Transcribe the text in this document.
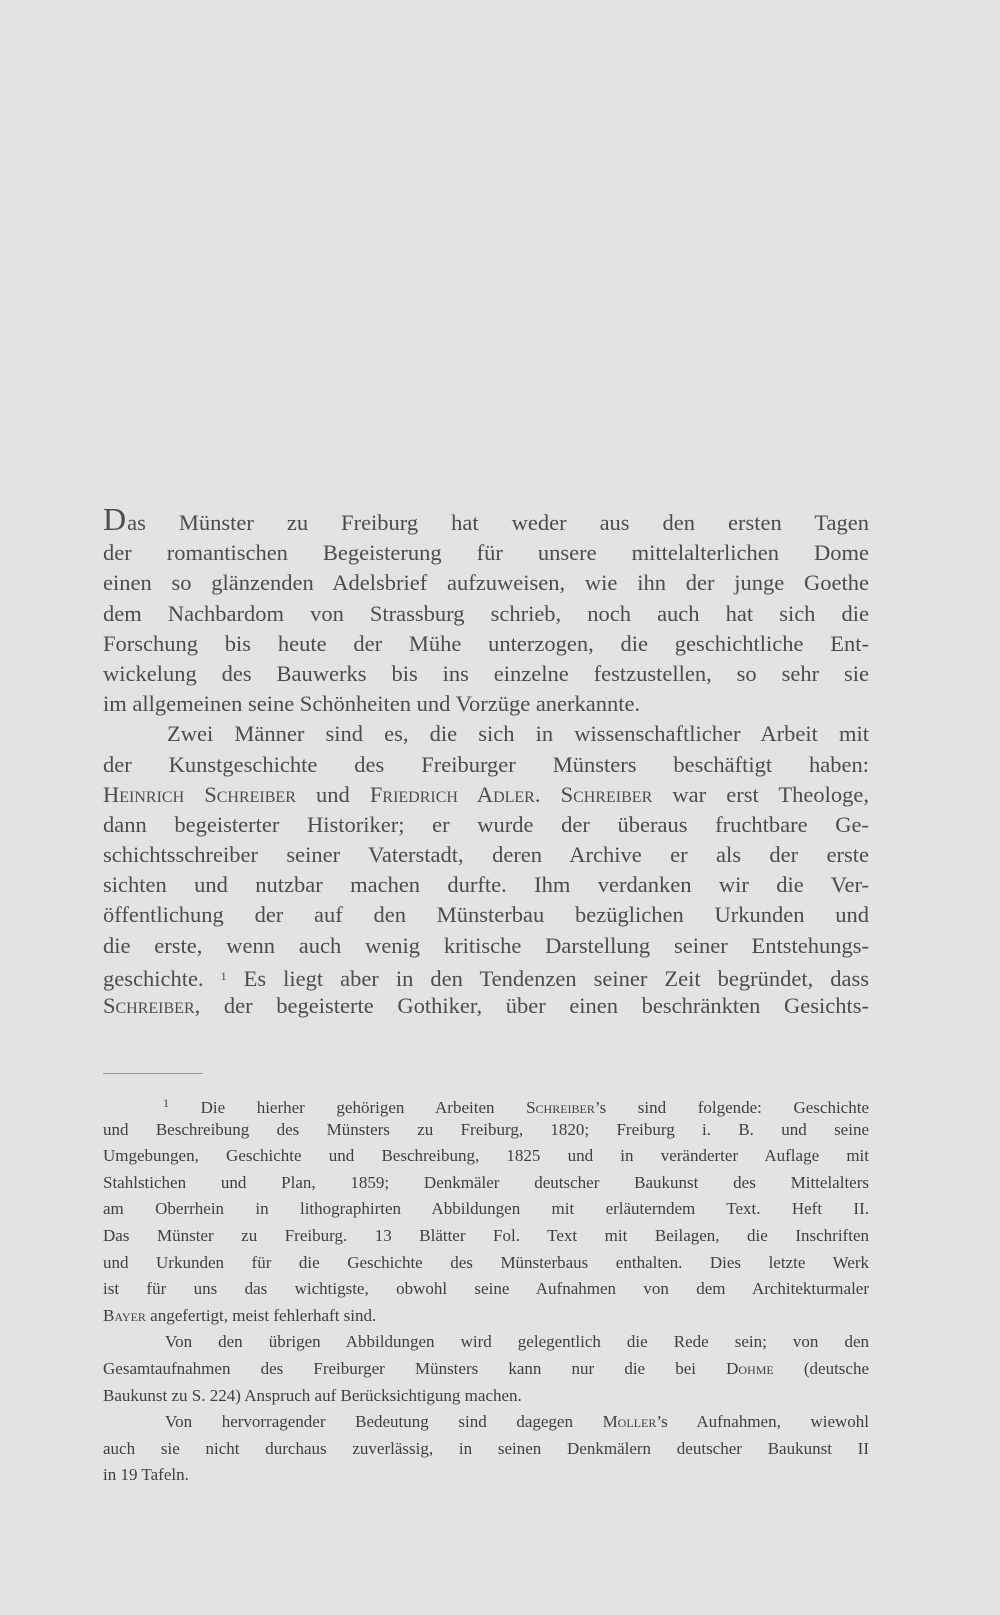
Das Münster zu Freiburg hat weder aus den ersten Tagen
der romantischen Begeisterung für unsere mittelalterlichen Dome
einen so glänzenden Adelsbrief aufzuweisen, wie ihn der junge Goethe
dem Nachbardom von Strassburg schrieb, noch auch hat sich die
Forschung bis heute der Mühe unterzogen, die geschichtliche Ent-
wickelung des Bauwerks bis ins einzelne festzustellen, so sehr sie
im allgemeinen seine Schönheiten und Vorzüge anerkannte.
Zwei Männer sind es, die sich in wissenschaftlicher Arbeit mit
der Kunstgeschichte des Freiburger Münsters beschäftigt haben:
Heinrich Schreiber und Friedrich Adler. Schreiber war erst Theologe,
dann begeisterter Historiker; er wurde der überaus fruchtbare Ge-
schichtsschreiber seiner Vaterstadt, deren Archive er als der erste
sichten und nutzbar machen durfte. Ihm verdanken wir die Ver-
öffentlichung der auf den Münsterbau bezüglichen Urkunden und
die erste, wenn auch wenig kritische Darstellung seiner Entstehungs-
geschichte. $^1$ Es liegt aber in den Tendenzen seiner Zeit begründet, dass
Schreiber, der begeisterte Gothiker, über einen beschränkten Gesichts-
$^1$ Die hierher gehörigen Arbeiten Schreiber’s sind folgende: Geschichte
und Beschreibung des Münsters zu Freiburg, 1820; Freiburg i. B. und seine
Umgebungen, Geschichte und Beschreibung, 1825 und in veränderter Auflage mit
Stahlstichen und Plan, 1859; Denkmäler deutscher Baukunst des Mittelalters
am Oberrhein in lithographirten Abbildungen mit erläuterndem Text. Heft II.
Das Münster zu Freiburg. 13 Blätter Fol. Text mit Beilagen, die Inschriften
und Urkunden für die Geschichte des Münsterbaus enthalten. Dies letzte Werk
ist für uns das wichtigste, obwohl seine Aufnahmen von dem Architekturmaler
Bayer angefertigt, meist fehlerhaft sind.
Von den übrigen Abbildungen wird gelegentlich die Rede sein; von den
Gesamtaufnahmen des Freiburger Münsters kann nur die bei Dohme (deutsche
Baukunst zu S. 224) Anspruch auf Berücksichtigung machen.
Von hervorragender Bedeutung sind dagegen Moller’s Aufnahmen, wiewohl
auch sie nicht durchaus zuverlässig, in seinen Denkmälern deutscher Baukunst II
in 19 Tafeln.
